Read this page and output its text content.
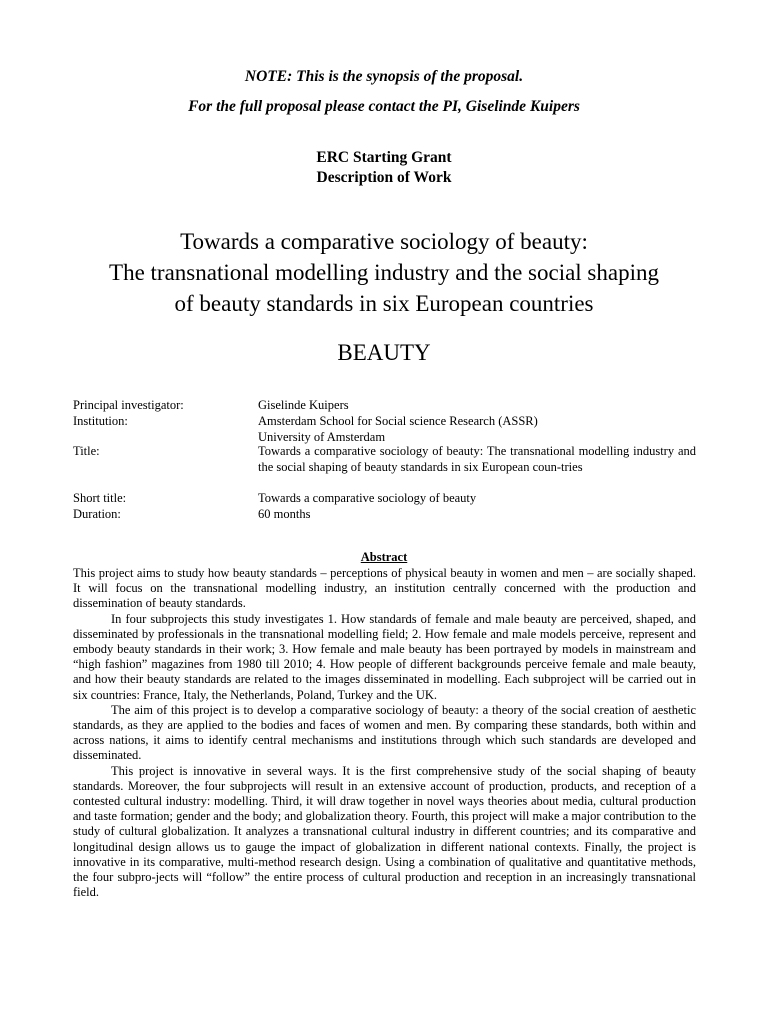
NOTE: This is the synopsis of the proposal.
For the full proposal please contact the PI, Giselinde Kuipers
ERC Starting Grant
Description of Work
Towards a comparative sociology of beauty:
The transnational modelling industry and the social shaping
of beauty standards in six European countries
BEAUTY
Principal investigator:	Giselinde Kuipers
Institution:	Amsterdam School for Social science Research (ASSR)
University of Amsterdam
Title:	Towards a comparative sociology of beauty: The transnational modelling industry and the social shaping of beauty standards in six European coun-tries
Short title:	Towards a comparative sociology of beauty
Duration:	60 months
Abstract

This project aims to study how beauty standards – perceptions of physical beauty in women and men – are socially shaped. It will focus on the transnational modelling industry, an institution centrally concerned with the production and dissemination of beauty standards.

In four subprojects this study investigates 1. How standards of female and male beauty are perceived, shaped, and disseminated by professionals in the transnational modelling field; 2. How female and male models perceive, represent and embody beauty standards in their work; 3. How female and male beauty has been portrayed by models in mainstream and “high fashion” magazines from 1980 till 2010; 4. How people of different backgrounds perceive female and male beauty, and how their beauty standards are related to the images disseminated in modelling. Each subproject will be carried out in six countries: France, Italy, the Netherlands, Poland, Turkey and the UK.

The aim of this project is to develop a comparative sociology of beauty: a theory of the social creation of aesthetic standards, as they are applied to the bodies and faces of women and men. By comparing these standards, both within and across nations, it aims to identify central mechanisms and institutions through which such standards are developed and disseminated.

This project is innovative in several ways. It is the first comprehensive study of the social shaping of beauty standards. Moreover, the four subprojects will result in an extensive account of production, products, and reception of a contested cultural industry: modelling. Third, it will draw together in novel ways theories about media, cultural production and taste formation; gender and the body; and globalization theory. Fourth, this project will make a major contribution to the study of cultural globalization. It analyzes a transnational cultural industry in different countries; and its comparative and longitudinal design allows us to gauge the impact of globalization in different national contexts. Finally, the project is innovative in its comparative, multi-method research design. Using a combination of qualitative and quantitative methods, the four subpro-jects will “follow” the entire process of cultural production and reception in an increasingly transnational field.
